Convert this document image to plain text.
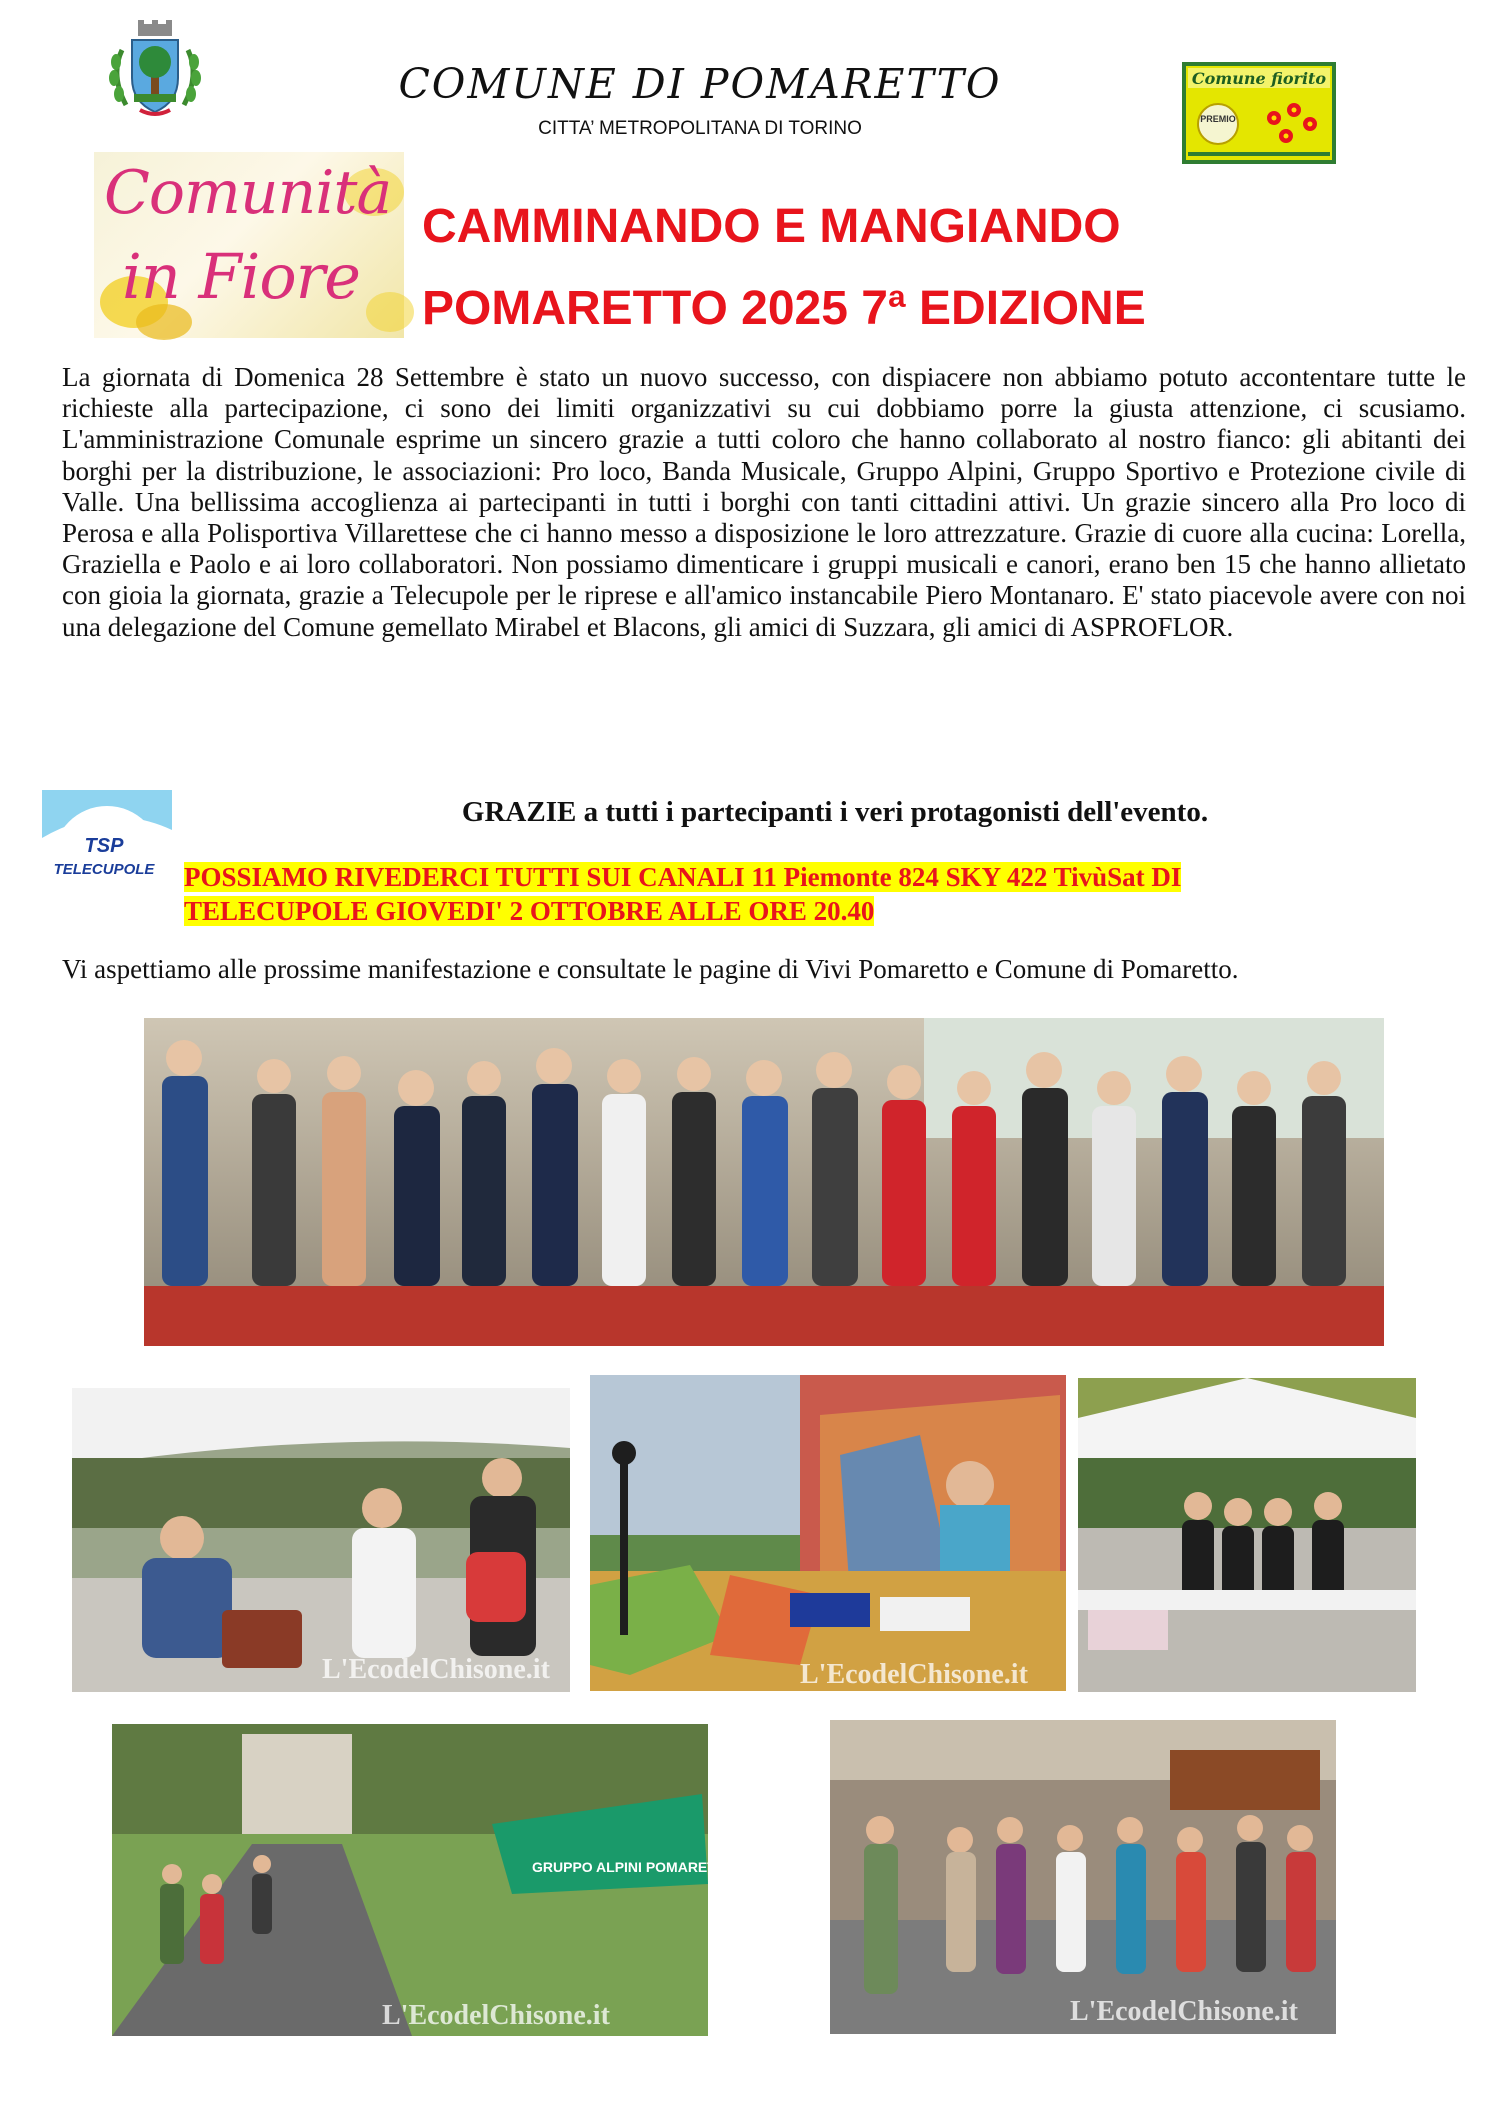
COMUNE DI POMARETTO
CITTA’ METROPOLITANA DI TORINO
Comune fiorito
PREMIO
Comunità
in Fiore
CAMMINANDO E MANGIANDO
POMARETTO 2025 7ª EDIZIONE
La giornata di Domenica 28 Settembre è stato un nuovo successo, con dispiacere non abbiamo potuto accontentare tutte le richieste alla partecipazione, ci sono dei limiti organizzativi su cui dobbiamo porre la giusta attenzione, ci scusiamo. L'amministrazione Comunale esprime un sincero grazie a tutti coloro che hanno collaborato al nostro fianco: gli abitanti dei borghi per la distribuzione, le associazioni: Pro loco, Banda Musicale, Gruppo Alpini, Gruppo Sportivo e Protezione civile di Valle. Una bellissima accoglienza ai partecipanti in tutti i borghi con tanti cittadini attivi. Un grazie sincero alla Pro loco di Perosa e alla Polisportiva Villarettese che ci hanno messo a disposizione le loro attrezzature. Grazie di cuore alla cucina: Lorella, Graziella e Paolo e ai loro collaboratori. Non possiamo dimenticare i gruppi musicali e canori, erano ben 15 che hanno allietato con gioia la giornata, grazie a Telecupole per le riprese e all'amico instancabile Piero Montanaro. E' stato piacevole avere con noi una delegazione del Comune gemellato Mirabel et Blacons, gli amici di Suzzara, gli amici di ASPROFLOR.
TSP
TELECUPOLE
GRAZIE a tutti i partecipanti i veri protagonisti dell'evento.
POSSIAMO RIVEDERCI TUTTI SUI CANALI 11 Piemonte 824 SKY 422 TivùSat DI
TELECUPOLE GIOVEDI' 2 OTTOBRE ALLE ORE 20.40
Vi aspettiamo alle prossime manifestazione e consultate le pagine di Vivi Pomaretto e Comune di Pomaretto.
L'EcodelChisone.it	L'EcodelChisone.it
GRUPPO ALPINI POMARETTO
L'EcodelChisone.it	L'EcodelChisone.it
